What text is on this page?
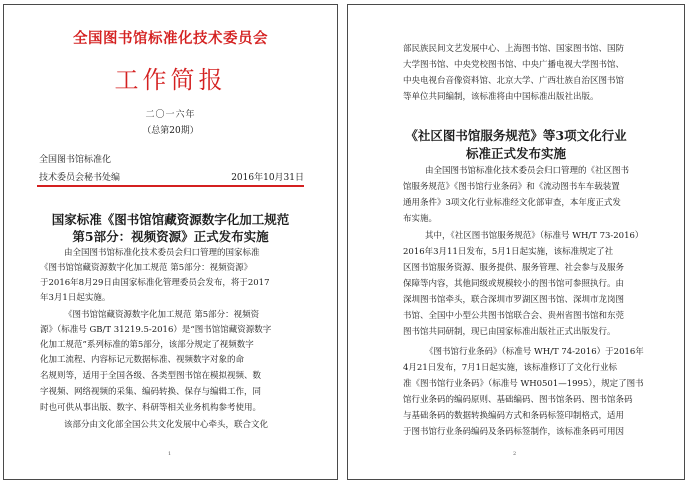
全国图书馆标准化技术委员会
工作简报
二〇一六年
（总第20期）
全国图书馆标准化
技术委员会秘书处编	2016年10月31日
国家标准《图书馆馆藏资源数字化加工规范
第5部分：视频资源》正式发布实施
由全国图书馆标准化技术委员会归口管理的国家标准
《图书馆馆藏资源数字化加工规范 第5部分：视频资源》
于2016年8月29日由国家标准化管理委员会发布，将于2017
年3月1日起实施。
《图书馆馆藏资源数字化加工规范 第5部分：视频资
源》（标准号 GB/T 31219.5-2016）是“图书馆馆藏资源数字
化加工规范”系列标准的第5部分，该部分规定了视频数字
化加工流程、内容标记元数据标准、视频数字对象的命
名规则等，适用于全国各级、各类型图书馆在模拟视频、数
字视频、网络视频的采集、编码转换、保存与编辑工作，同
时也可供从事出版、数字、科研等相关业务机构参考使用。
该部分由文化部全国公共文化发展中心牵头，联合文化
1
部民族民间文艺发展中心、上海图书馆、国家图书馆、国防
大学图书馆、中央党校图书馆、中央广播电视大学图书馆、
中央电视台音像资料馆、北京大学、广西壮族自治区图书馆
等单位共同编制，该标准将由中国标准出版社出版。
《社区图书馆服务规范》等3项文化行业
标准正式发布实施
由全国图书馆标准化技术委员会归口管理的《社区图书
馆服务规范》《图书馆行业条码》和《流动图书车车载装置
通用条件》3项文化行业标准经文化部审查，本年度正式发
布实施。
其中，《社区图书馆服务规范》（标准号 WH/T 73-2016）
2016年3月11日发布，5月1日起实施，该标准规定了社
区图书馆服务资源、服务提供、服务管理、社会参与及服务
保障等内容，其他同级或规模较小的图书馆可参照执行。由
深圳图书馆牵头，联合深圳市罗湖区图书馆、深圳市龙岗图
书馆、全国中小型公共图书馆联合会、贵州省图书馆和东莞
图书馆共同研制，现已由国家标准出版社正式出版发行。
《图书馆行业条码》（标准号 WH/T 74-2016）于2016年
4月21日发布，7月1日起实施，该标准修订了文化行业标
准《图书馆行业条码》（标准号 WH0501—1995），规定了图书
馆行业条码的编码原则、基础编码、图书馆条码、图书馆条码
与基础条码的数据转换编码方式和条码标签印制格式，适用
于图书馆行业条码编码及条码标签制作，该标准条码可用因
2
